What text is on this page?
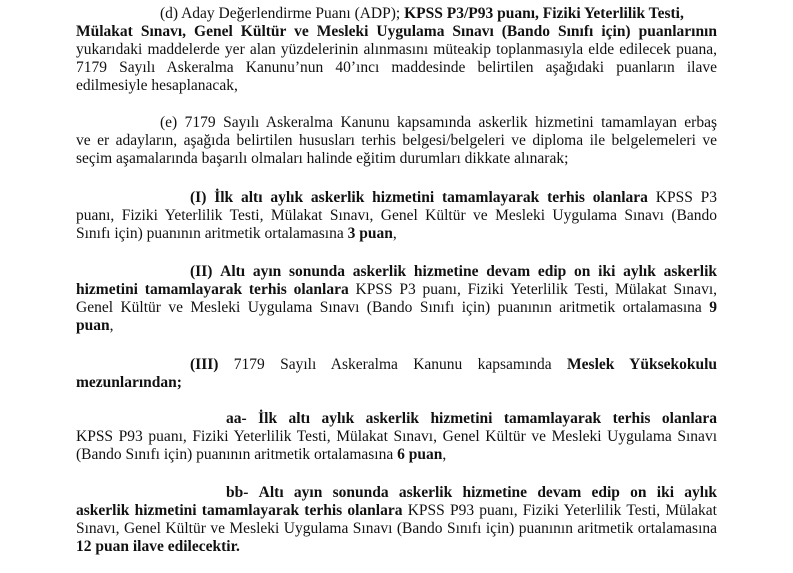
(d) Aday Değerlendirme Puanı (ADP); KPSS P3/P93 puanı, Fiziki Yeterlilik Testi,
Mülakat Sınavı, Genel Kültür ve Mesleki Uygulama Sınavı (Bando Sınıfı için) puanlarının
yukarıdaki maddelerde yer alan yüzdelerinin alınmasını müteakip toplanmasıyla elde edilecek puana,
7179 Sayılı Askeralma Kanunu’nun 40’ıncı maddesinde belirtilen aşağıdaki puanların ilave
edilmesiyle hesaplanacak,
(e) 7179 Sayılı Askeralma Kanunu kapsamında askerlik hizmetini tamamlayan erbaş
ve er adayların, aşağıda belirtilen hususları terhis belgesi/belgeleri ve diploma ile belgelemeleri ve
seçim aşamalarında başarılı olmaları halinde eğitim durumları dikkate alınarak;
(I) İlk altı aylık askerlik hizmetini tamamlayarak terhis olanlara KPSS P3
puanı, Fiziki Yeterlilik Testi, Mülakat Sınavı, Genel Kültür ve Mesleki Uygulama Sınavı (Bando
Sınıfı için) puanının aritmetik ortalamasına 3 puan,
(II) Altı ayın sonunda askerlik hizmetine devam edip on iki aylık askerlik
hizmetini tamamlayarak terhis olanlara KPSS P3 puanı, Fiziki Yeterlilik Testi, Mülakat Sınavı,
Genel Kültür ve Mesleki Uygulama Sınavı (Bando Sınıfı için) puanının aritmetik ortalamasına 9
puan,
(III) 7179 Sayılı Askeralma Kanunu kapsamında Meslek Yüksekokulu
mezunlarından;
aa- İlk altı aylık askerlik hizmetini tamamlayarak terhis olanlara
KPSS P93 puanı, Fiziki Yeterlilik Testi, Mülakat Sınavı, Genel Kültür ve Mesleki Uygulama Sınavı
(Bando Sınıfı için) puanının aritmetik ortalamasına 6 puan,
bb- Altı ayın sonunda askerlik hizmetine devam edip on iki aylık
askerlik hizmetini tamamlayarak terhis olanlara KPSS P93 puanı, Fiziki Yeterlilik Testi, Mülakat
Sınavı, Genel Kültür ve Mesleki Uygulama Sınavı (Bando Sınıfı için) puanının aritmetik ortalamasına
12 puan ilave edilecektir.
